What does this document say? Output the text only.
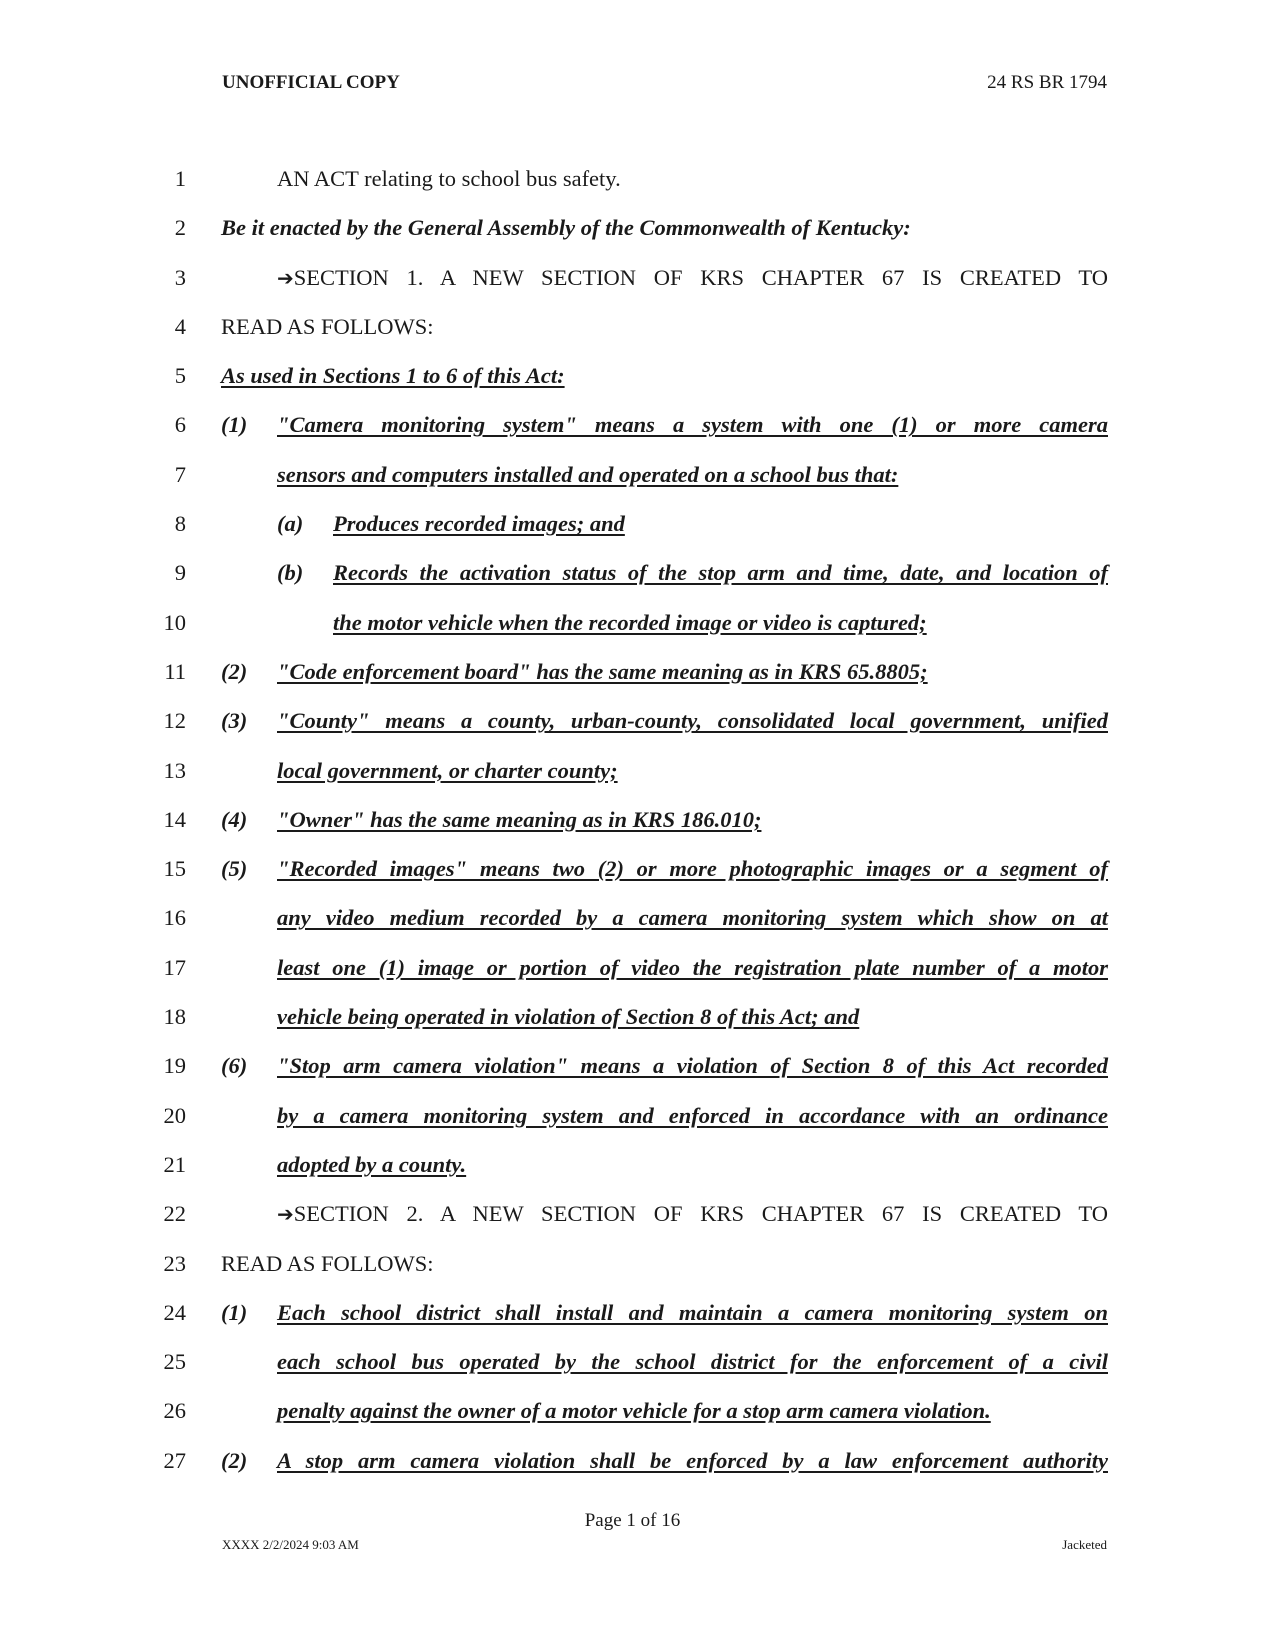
UNOFFICIAL COPY	24 RS BR 1794
1	AN ACT relating to school bus safety.
2 Be it enacted by the General Assembly of the Commonwealth of Kentucky:
3	➔SECTION 1. A NEW SECTION OF KRS CHAPTER 67 IS CREATED TO
4 READ AS FOLLOWS:
5 As used in Sections 1 to 6 of this Act:
6 (1) "Camera monitoring system" means a system with one (1) or more camera
7	sensors and computers installed and operated on a school bus that:
8	(a) Produces recorded images; and
9	(b) Records the activation status of the stop arm and time, date, and location of
10	the motor vehicle when the recorded image or video is captured;
11 (2) "Code enforcement board" has the same meaning as in KRS 65.8805;
12 (3) "County" means a county, urban-county, consolidated local government, unified
13	local government, or charter county;
14 (4) "Owner" has the same meaning as in KRS 186.010;
15 (5) "Recorded images" means two (2) or more photographic images or a segment of
16	any video medium recorded by a camera monitoring system which show on at
17	least one (1) image or portion of video the registration plate number of a motor
18	vehicle being operated in violation of Section 8 of this Act; and
19 (6) "Stop arm camera violation" means a violation of Section 8 of this Act recorded
20	by a camera monitoring system and enforced in accordance with an ordinance
21	adopted by a county.
22	➔SECTION 2. A NEW SECTION OF KRS CHAPTER 67 IS CREATED TO
23 READ AS FOLLOWS:
24 (1) Each school district shall install and maintain a camera monitoring system on
25	each school bus operated by the school district for the enforcement of a civil
26	penalty against the owner of a motor vehicle for a stop arm camera violation.
27 (2) A stop arm camera violation shall be enforced by a law enforcement authority
Page 1 of 16
XXXX 2/2/2024 9:03 AM	Jacketed
